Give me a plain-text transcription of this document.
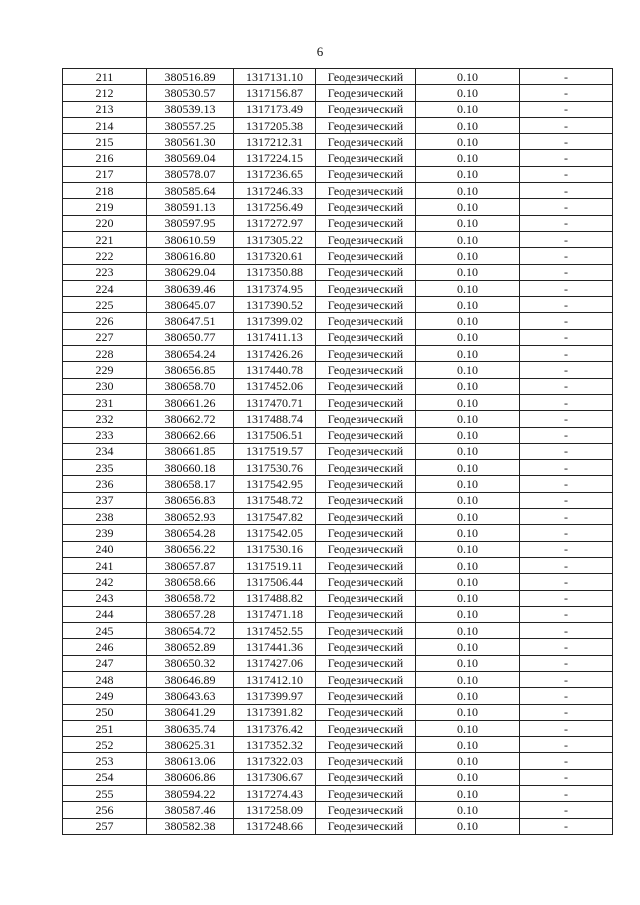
6
211	380516.89	1317131.10	Геодезический	0.10	-
212	380530.57	1317156.87	Геодезический	0.10	-
213	380539.13	1317173.49	Геодезический	0.10	-
214	380557.25	1317205.38	Геодезический	0.10	-
215	380561.30	1317212.31	Геодезический	0.10	-
216	380569.04	1317224.15	Геодезический	0.10	-
217	380578.07	1317236.65	Геодезический	0.10	-
218	380585.64	1317246.33	Геодезический	0.10	-
219	380591.13	1317256.49	Геодезический	0.10	-
220	380597.95	1317272.97	Геодезический	0.10	-
221	380610.59	1317305.22	Геодезический	0.10	-
222	380616.80	1317320.61	Геодезический	0.10	-
223	380629.04	1317350.88	Геодезический	0.10	-
224	380639.46	1317374.95	Геодезический	0.10	-
225	380645.07	1317390.52	Геодезический	0.10	-
226	380647.51	1317399.02	Геодезический	0.10	-
227	380650.77	1317411.13	Геодезический	0.10	-
228	380654.24	1317426.26	Геодезический	0.10	-
229	380656.85	1317440.78	Геодезический	0.10	-
230	380658.70	1317452.06	Геодезический	0.10	-
231	380661.26	1317470.71	Геодезический	0.10	-
232	380662.72	1317488.74	Геодезический	0.10	-
233	380662.66	1317506.51	Геодезический	0.10	-
234	380661.85	1317519.57	Геодезический	0.10	-
235	380660.18	1317530.76	Геодезический	0.10	-
236	380658.17	1317542.95	Геодезический	0.10	-
237	380656.83	1317548.72	Геодезический	0.10	-
238	380652.93	1317547.82	Геодезический	0.10	-
239	380654.28	1317542.05	Геодезический	0.10	-
240	380656.22	1317530.16	Геодезический	0.10	-
241	380657.87	1317519.11	Геодезический	0.10	-
242	380658.66	1317506.44	Геодезический	0.10	-
243	380658.72	1317488.82	Геодезический	0.10	-
244	380657.28	1317471.18	Геодезический	0.10	-
245	380654.72	1317452.55	Геодезический	0.10	-
246	380652.89	1317441.36	Геодезический	0.10	-
247	380650.32	1317427.06	Геодезический	0.10	-
248	380646.89	1317412.10	Геодезический	0.10	-
249	380643.63	1317399.97	Геодезический	0.10	-
250	380641.29	1317391.82	Геодезический	0.10	-
251	380635.74	1317376.42	Геодезический	0.10	-
252	380625.31	1317352.32	Геодезический	0.10	-
253	380613.06	1317322.03	Геодезический	0.10	-
254	380606.86	1317306.67	Геодезический	0.10	-
255	380594.22	1317274.43	Геодезический	0.10	-
256	380587.46	1317258.09	Геодезический	0.10	-
257	380582.38	1317248.66	Геодезический	0.10	-
